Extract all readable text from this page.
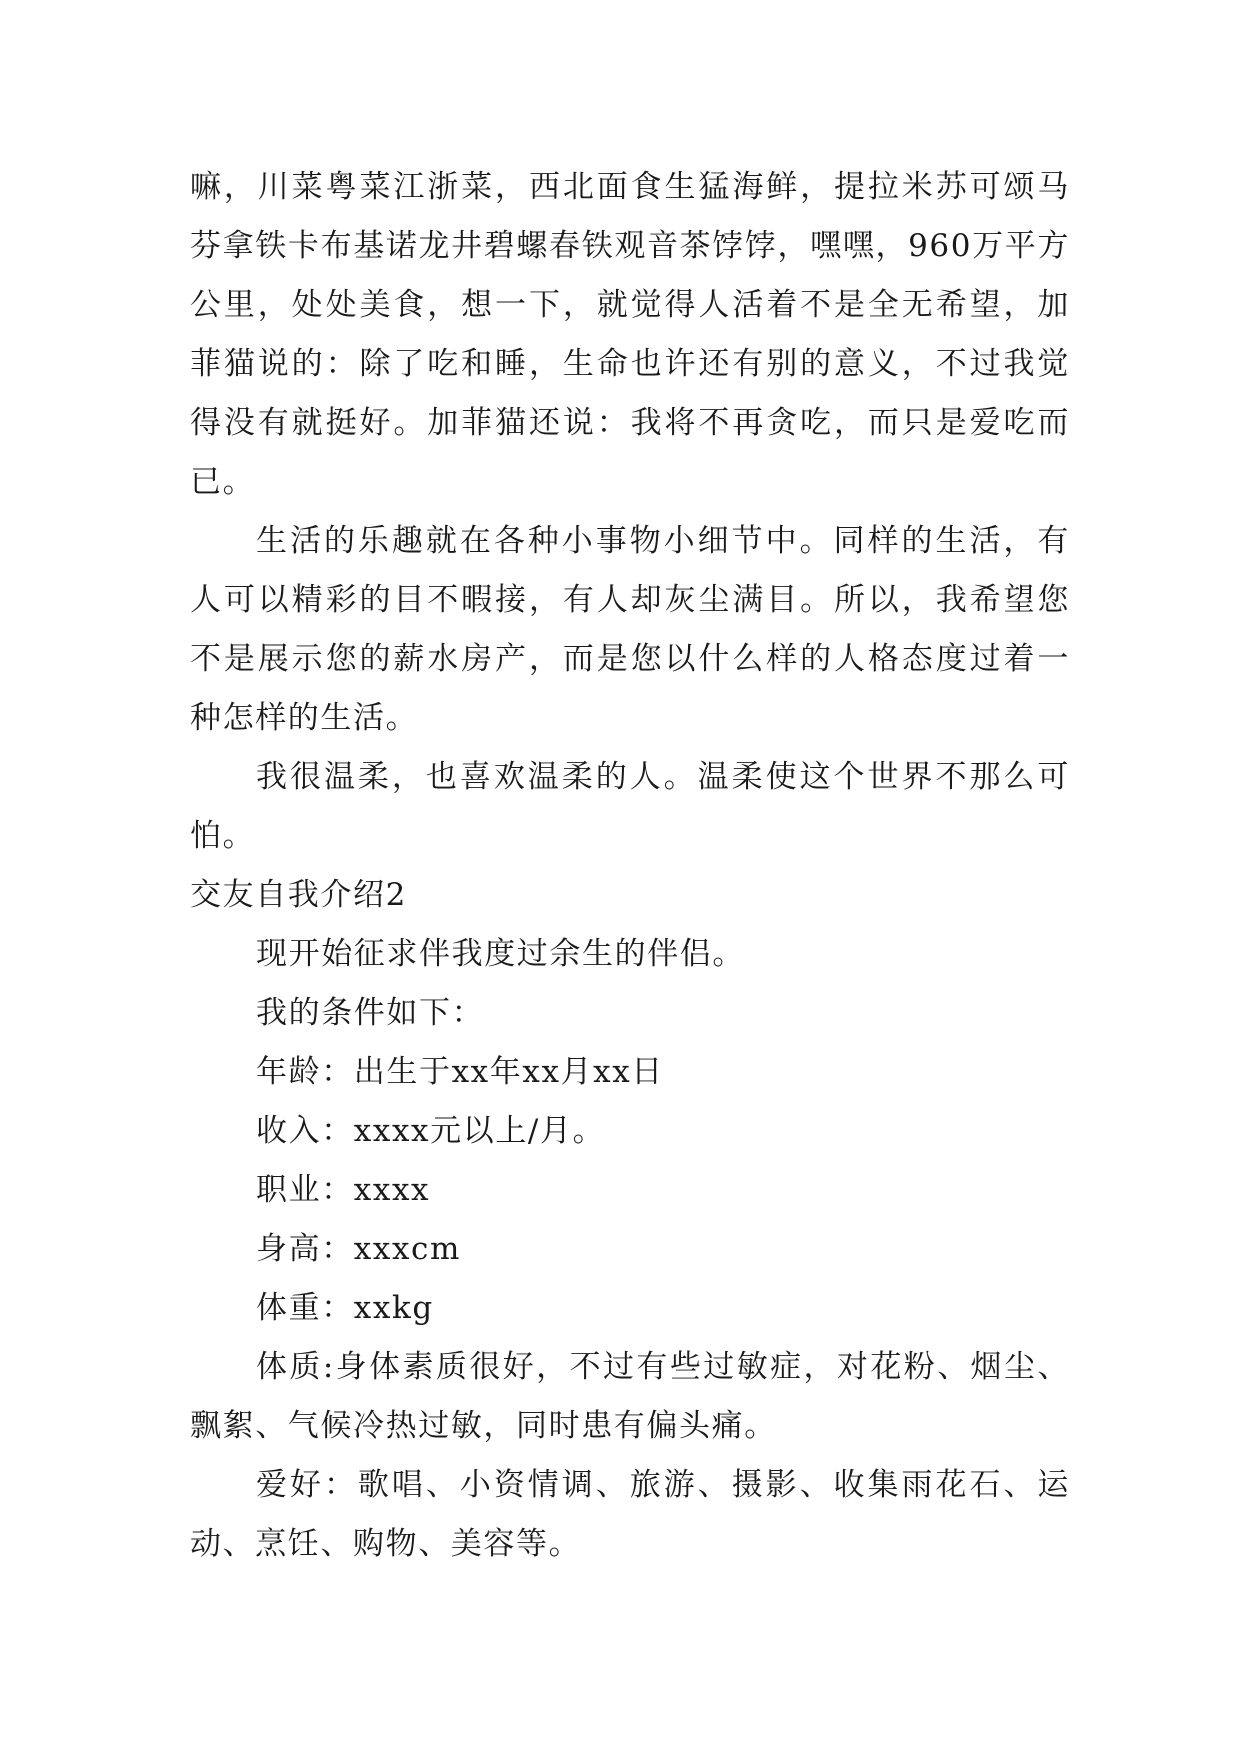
嘛，川菜粤菜江浙菜，西北面食生猛海鲜，提拉米苏可颂马芬拿铁卡布基诺龙井碧螺春铁观音茶饽饽，嘿嘿，960万平方公里，处处美食，想一下，就觉得人活着不是全无希望，加菲猫说的：除了吃和睡，生命也许还有别的意义，不过我觉得没有就挺好。加菲猫还说：我将不再贪吃，而只是爱吃而已。

生活的乐趣就在各种小事物小细节中。同样的生活，有人可以精彩的目不暇接，有人却灰尘满目。所以，我希望您不是展示您的薪水房产，而是您以什么样的人格态度过着一种怎样的生活。

我很温柔，也喜欢温柔的人。温柔使这个世界不那么可怕。

交友自我介绍2

现开始征求伴我度过余生的伴侣。

我的条件如下：

年龄：出生于xx年xx月xx日

收入：xxxx元以上/月。

职业：xxxx

身高：xxxcm

体重：xxkg

体质:身体素质很好，不过有些过敏症，对花粉、烟尘、飘絮、气候冷热过敏，同时患有偏头痛。

爱好：歌唱、小资情调、旅游、摄影、收集雨花石、运动、烹饪、购物、美容等。
